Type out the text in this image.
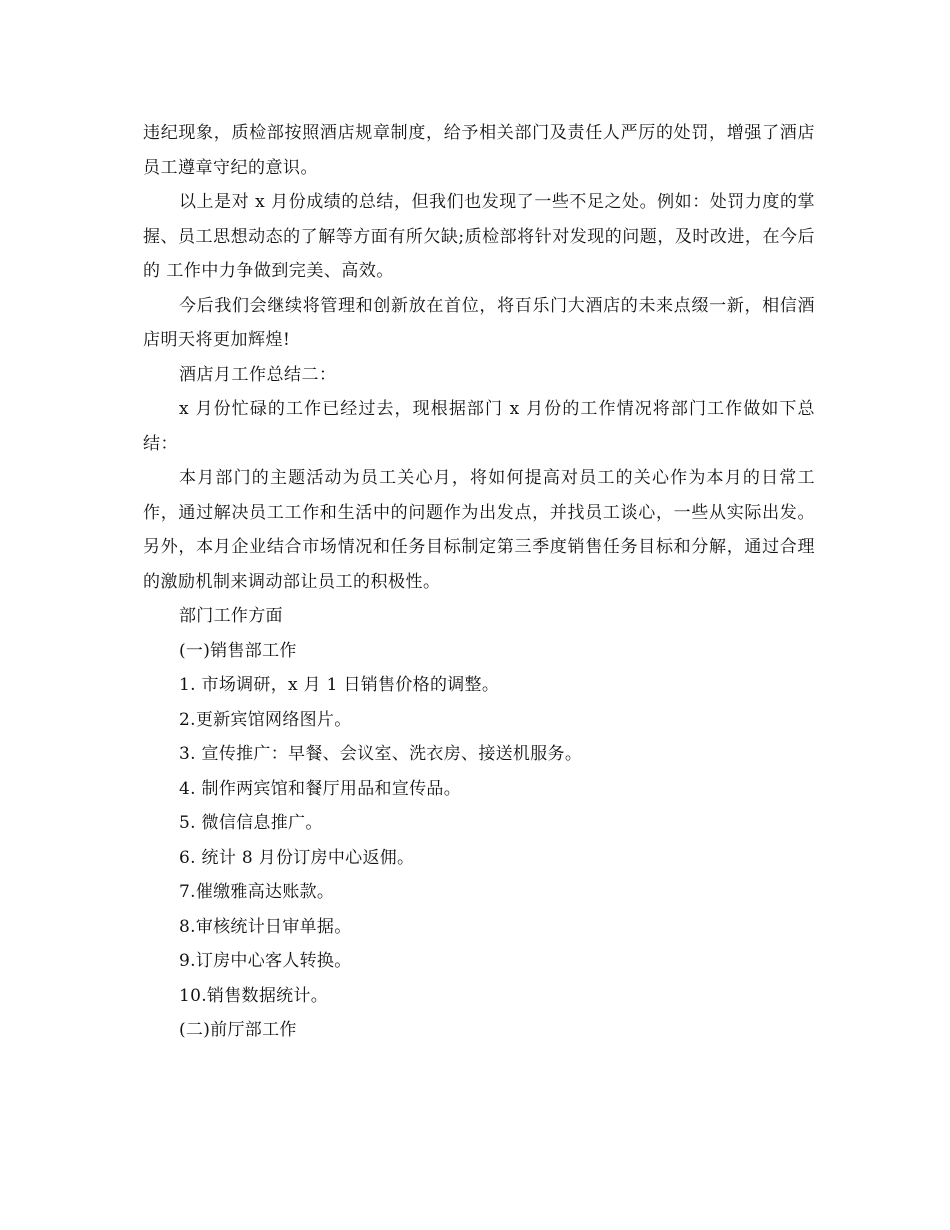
违纪现象，质检部按照酒店规章制度，给予相关部门及责任人严厉的处罚，增强了酒店员工遵章守纪的意识。

以上是对 x 月份成绩的总结，但我们也发现了一些不足之处。例如：处罚力度的掌握、员工思想动态的了解等方面有所欠缺;质检部将针对发现的问题，及时改进，在今后的 工作中力争做到完美、高效。

今后我们会继续将管理和创新放在首位，将百乐门大酒店的未来点缀一新，相信酒店明天将更加辉煌!

酒店月工作总结二：

x 月份忙碌的工作已经过去，现根据部门 x 月份的工作情况将部门工作做如下总结：

本月部门的主题活动为员工关心月，将如何提高对员工的关心作为本月的日常工作，通过解决员工工作和生活中的问题作为出发点，并找员工谈心，一些从实际出发。另外，本月企业结合市场情况和任务目标制定第三季度销售任务目标和分解，通过合理的激励机制来调动部让员工的积极性。

部门工作方面

(一)销售部工作

1. 市场调研，x 月 1 日销售价格的调整。

2.更新宾馆网络图片。

3. 宣传推广：早餐、会议室、洗衣房、接送机服务。

4. 制作两宾馆和餐厅用品和宣传品。

5. 微信信息推广。

6. 统计 8 月份订房中心返佣。

7.催缴雅高达账款。

8.审核统计日审单据。

9.订房中心客人转换。

10.销售数据统计。

(二)前厅部工作
